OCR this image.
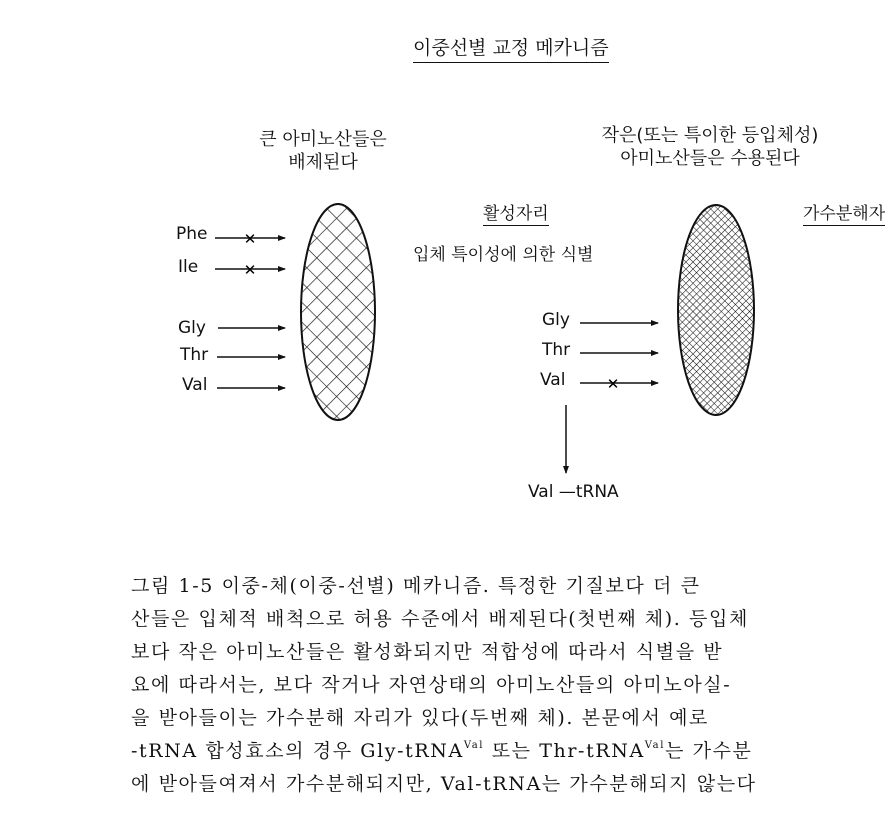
이중선별 교정 메카니즘
큰 아미노산들은
배제된다
작은(또는 특이한 등입체성)
아미노산들은 수용된다
활성자리
입체 특이성에 의한 식별
가수분해자
Phe
Ile
Gly
Thr
Val
Gly
Thr
Val
Val —tRNA
✕
✕
✕
그림 1-5 이중-체(이중-선별) 메카니즘. 특정한 기질보다 더 큰
산들은 입체적 배척으로 허용 수준에서 배제된다(첫번째 체). 등입체
보다 작은 아미노산들은 활성화되지만 적합성에 따라서 식별을 받
요에 따라서는, 보다 작거나 자연상태의 아미노산들의 아미노아실-
을 받아들이는 가수분해 자리가 있다(두번째 체). 본문에서 예로
-tRNA 합성효소의 경우 Gly-tRNA$^{Val}$ 또는 Thr-tRNA$^{Val}$는 가수분
에 받아들여져서 가수분해되지만, Val-tRNA는 가수분해되지 않는다
